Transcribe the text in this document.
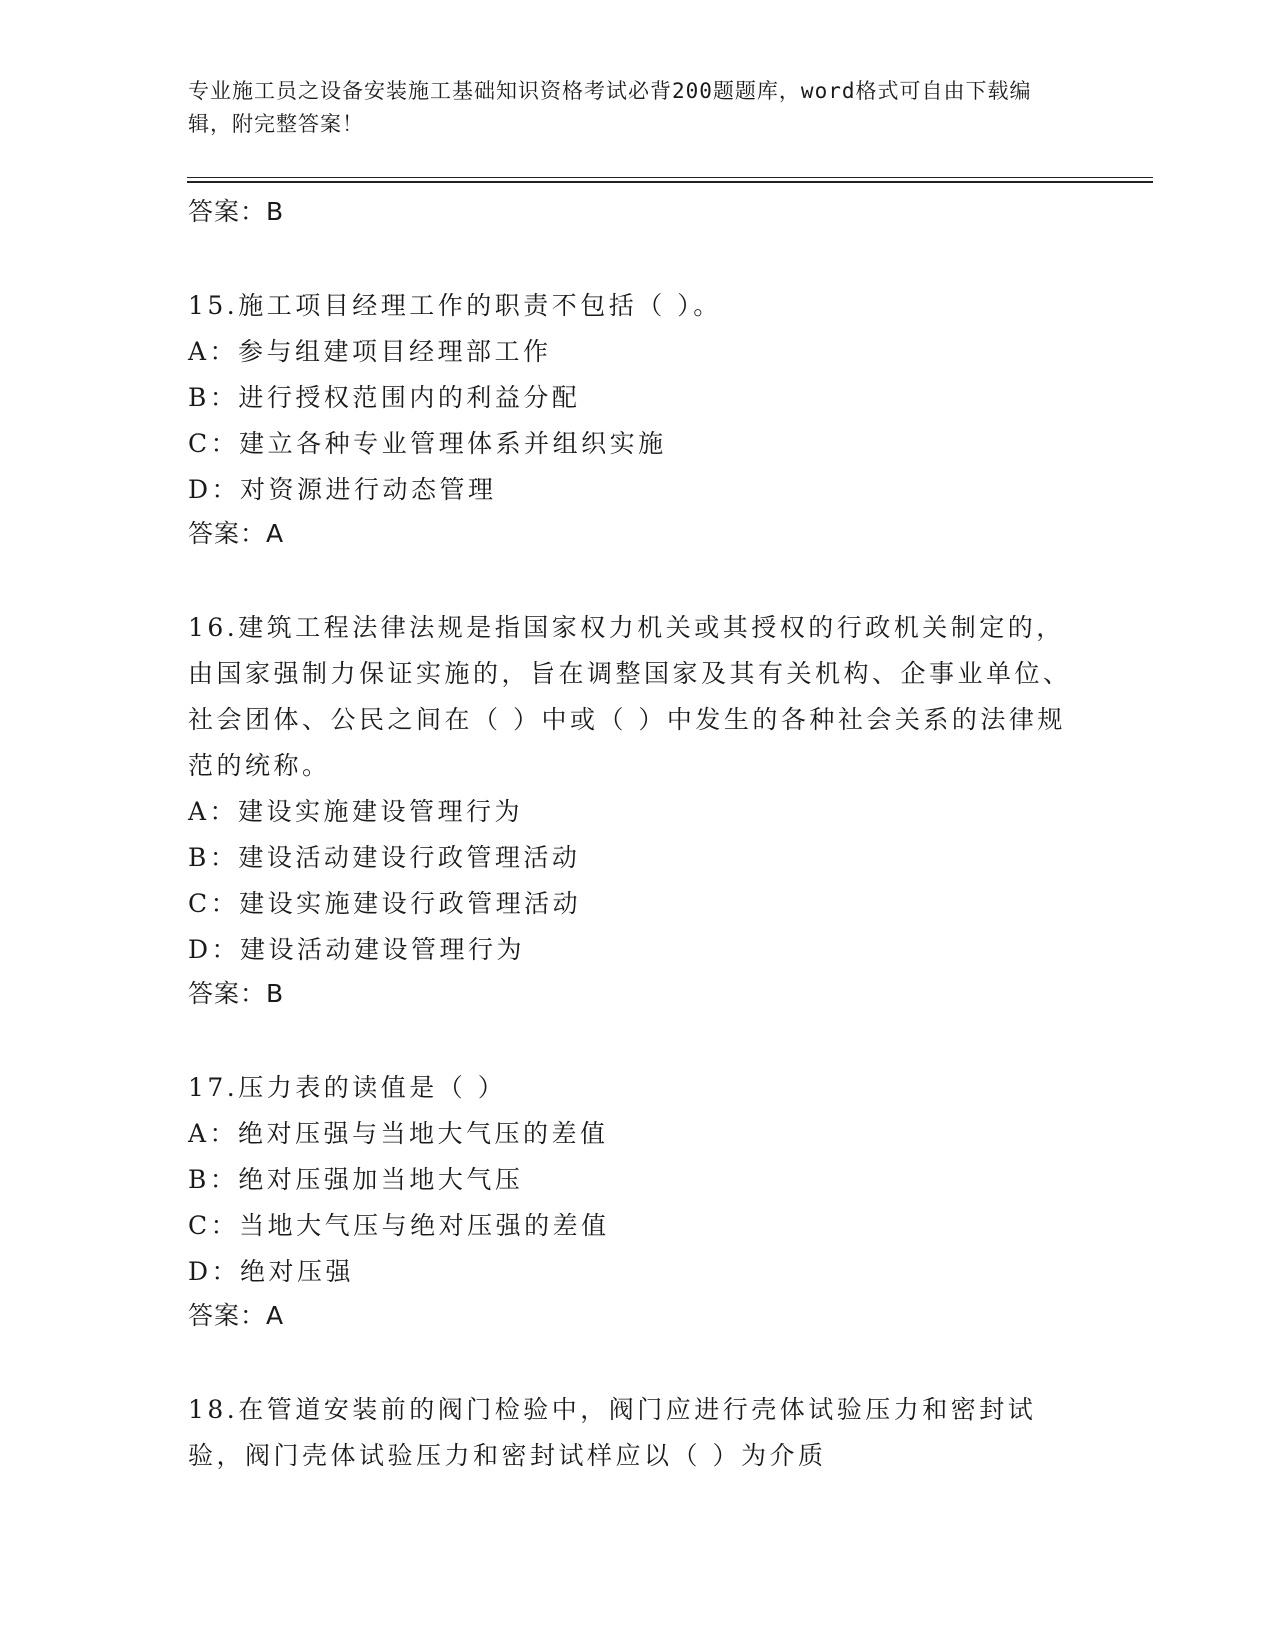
专业施工员之设备安装施工基础知识资格考试必背200题题库，word格式可自由下载编辑，附完整答案！
答案：B
15.施工项目经理工作的职责不包括（ ）。
A：参与组建项目经理部工作
B：进行授权范围内的利益分配
C：建立各种专业管理体系并组织实施
D：对资源进行动态管理
答案：A
16.建筑工程法律法规是指国家权力机关或其授权的行政机关制定的，由国家强制力保证实施的，旨在调整国家及其有关机构、企事业单位、社会团体、公民之间在（ ）中或（ ）中发生的各种社会关系的法律规范的统称。
A：建设实施建设管理行为
B：建设活动建设行政管理活动
C：建设实施建设行政管理活动
D：建设活动建设管理行为
答案：B
17.压力表的读值是（ ）
A：绝对压强与当地大气压的差值
B：绝对压强加当地大气压
C：当地大气压与绝对压强的差值
D：绝对压强
答案：A
18.在管道安装前的阀门检验中，阀门应进行壳体试验压力和密封试验，阀门壳体试验压力和密封试样应以（ ）为介质
